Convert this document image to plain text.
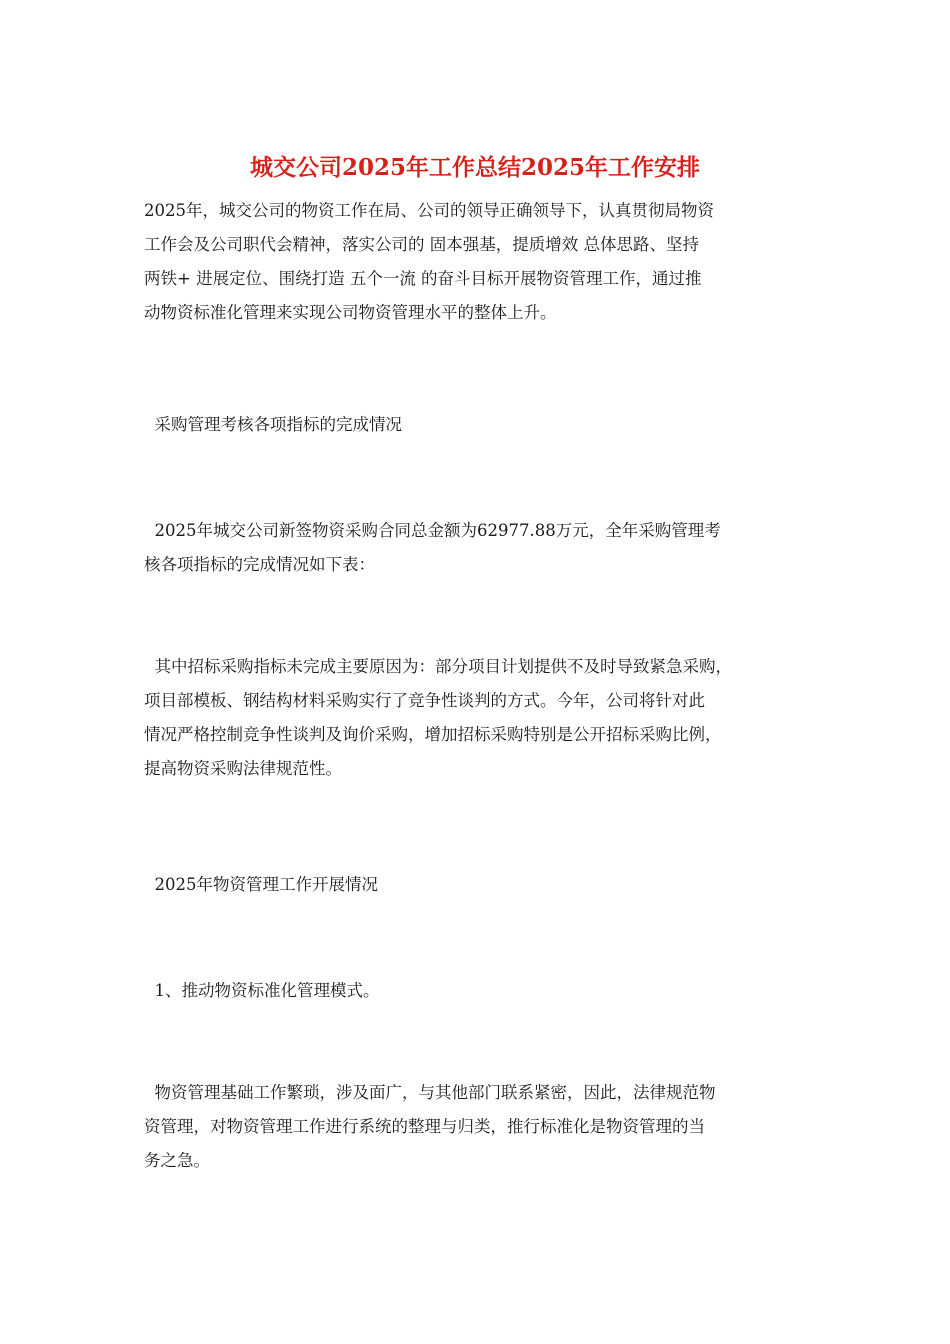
城交公司2025年工作总结2025年工作安排
2025年，城交公司的物资工作在局、公司的领导正确领导下，认真贯彻局物资
工作会及公司职代会精神，落实公司的 固本强基，提质增效 总体思路、坚持
两铁+ 进展定位、围绕打造 五个一流 的奋斗目标开展物资管理工作，通过推
动物资标准化管理来实现公司物资管理水平的整体上升。
采购管理考核各项指标的完成情况
2025年城交公司新签物资采购合同总金额为62977.88万元，全年采购管理考
核各项指标的完成情况如下表：
其中招标采购指标未完成主要原因为：部分项目计划提供不及时导致紧急采购，
项目部模板、钢结构材料采购实行了竞争性谈判的方式。今年，公司将针对此
情况严格控制竞争性谈判及询价采购，增加招标采购特别是公开招标采购比例，
提高物资采购法律规范性。
2025年物资管理工作开展情况
1、推动物资标准化管理模式。
物资管理基础工作繁琐，涉及面广，与其他部门联系紧密，因此，法律规范物
资管理，对物资管理工作进行系统的整理与归类，推行标准化是物资管理的当
务之急。
